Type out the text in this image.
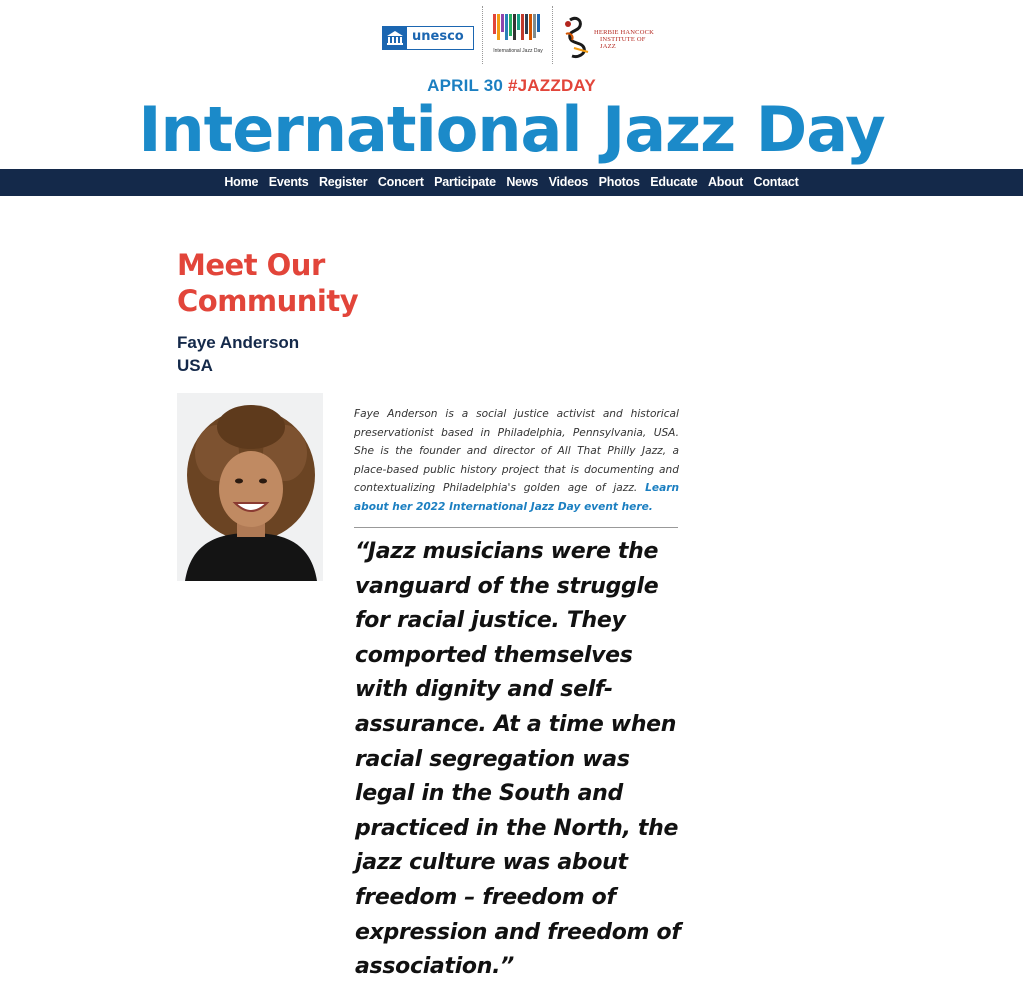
unesco
International Jazz Day
HERBIE HANCOCK
INSTITUTE OF JAZZ
APRIL 30 #JAZZDAY
International Jazz Day
Home Events Register Concert Participate News Videos Photos Educate About Contact
Meet Our Community
Faye Anderson
USA

Faye Anderson is a social justice activist and historical preservationist based in Philadelphia, Pennsylvania, USA. She is the founder and director of All That Philly Jazz, a place-based public history project that is documenting and contextualizing Philadelphia's golden age of jazz. Learn about her 2022 International Jazz Day event here.

“Jazz musicians were the vanguard of the struggle for racial justice. They comported themselves with dignity and self-assurance. At a time when racial segregation was legal in the South and practiced in the North, the jazz culture was about freedom – freedom of expression and freedom of association.”
